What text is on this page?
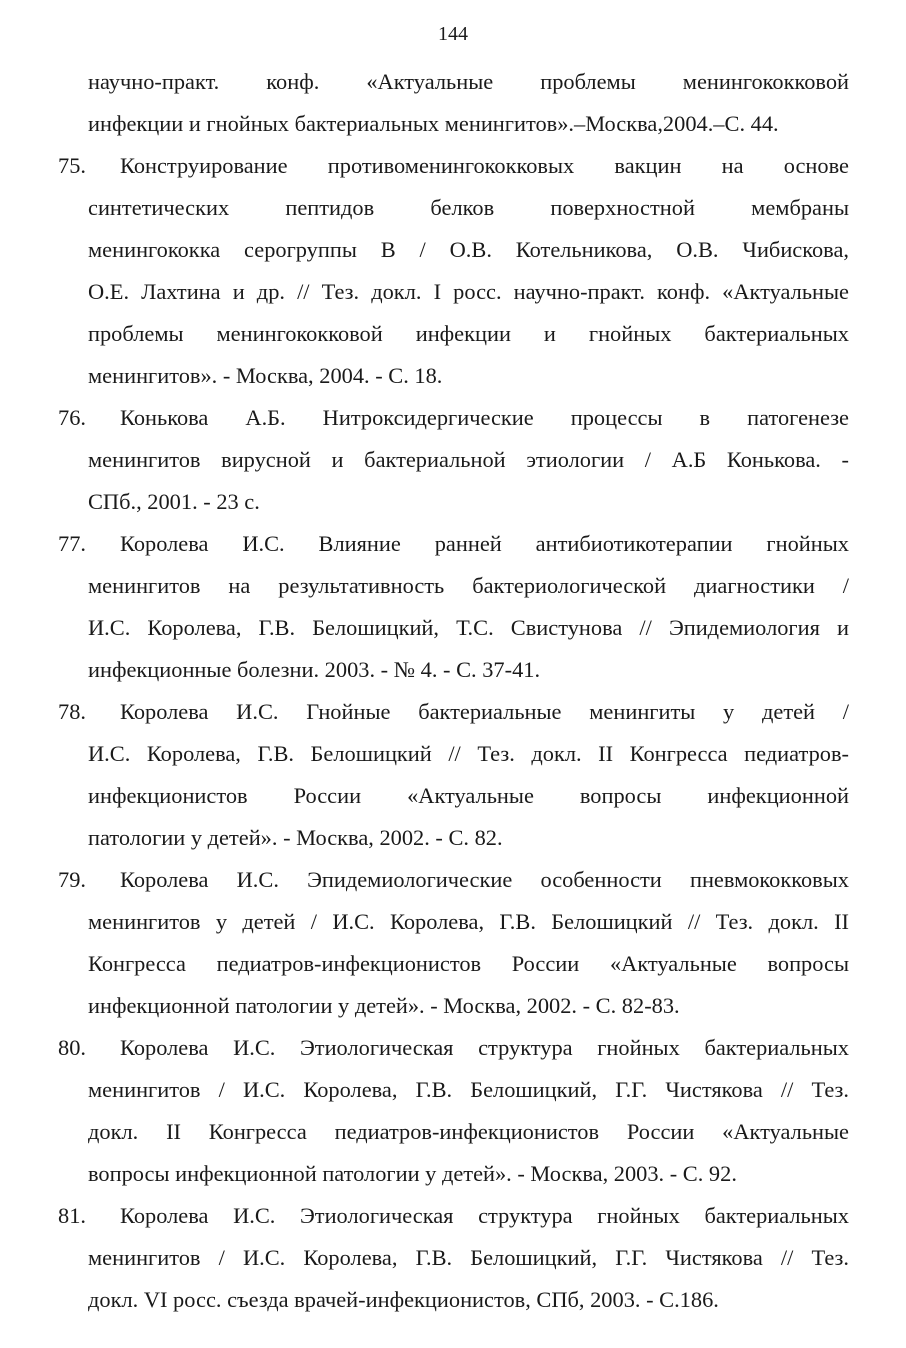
144
научно-практ. конф. «Актуальные проблемы менингококковой
инфекции и гнойных бактериальных менингитов».–Москва,2004.–С. 44.
75.	Конструирование противоменингококковых вакцин на основе
синтетических пептидов белков поверхностной мембраны
менингококка серогруппы В / О.В. Котельникова, О.В. Чибискова,
О.Е. Лахтина и др. // Тез. докл. I росс. научно-практ. конф. «Актуальные
проблемы менингококковой инфекции и гнойных бактериальных
менингитов». - Москва, 2004. - С. 18.
76.	Конькова А.Б. Нитроксидергические процессы в патогенезе
менингитов вирусной и бактериальной этиологии / А.Б Конькова. -
СПб., 2001. - 23 с.
77.	Королева И.С. Влияние ранней антибиотикотерапии гнойных
менингитов на результативность бактериологической диагностики /
И.С. Королева, Г.В. Белошицкий, Т.С. Свистунова // Эпидемиология и
инфекционные болезни. 2003. - № 4. - С. 37-41.
78.	Королева И.С. Гнойные бактериальные менингиты у детей /
И.С. Королева, Г.В. Белошицкий // Тез. докл. II Конгресса педиатров-
инфекционистов России «Актуальные вопросы инфекционной
патологии у детей». - Москва, 2002. - С. 82.
79.	Королева И.С. Эпидемиологические особенности пневмококковых
менингитов у детей / И.С. Королева, Г.В. Белошицкий // Тез. докл. II
Конгресса педиатров-инфекционистов России «Актуальные вопросы
инфекционной патологии у детей». - Москва, 2002. - С. 82-83.
80.	Королева И.С. Этиологическая структура гнойных бактериальных
менингитов / И.С. Королева, Г.В. Белошицкий, Г.Г. Чистякова // Тез.
докл. II Конгресса педиатров-инфекционистов России «Актуальные
вопросы инфекционной патологии у детей». - Москва, 2003. - С. 92.
81.	Королева И.С. Этиологическая структура гнойных бактериальных
менингитов / И.С. Королева, Г.В. Белошицкий, Г.Г. Чистякова // Тез.
докл. VI росс. съезда врачей-инфекционистов, СПб, 2003. - С.186.
